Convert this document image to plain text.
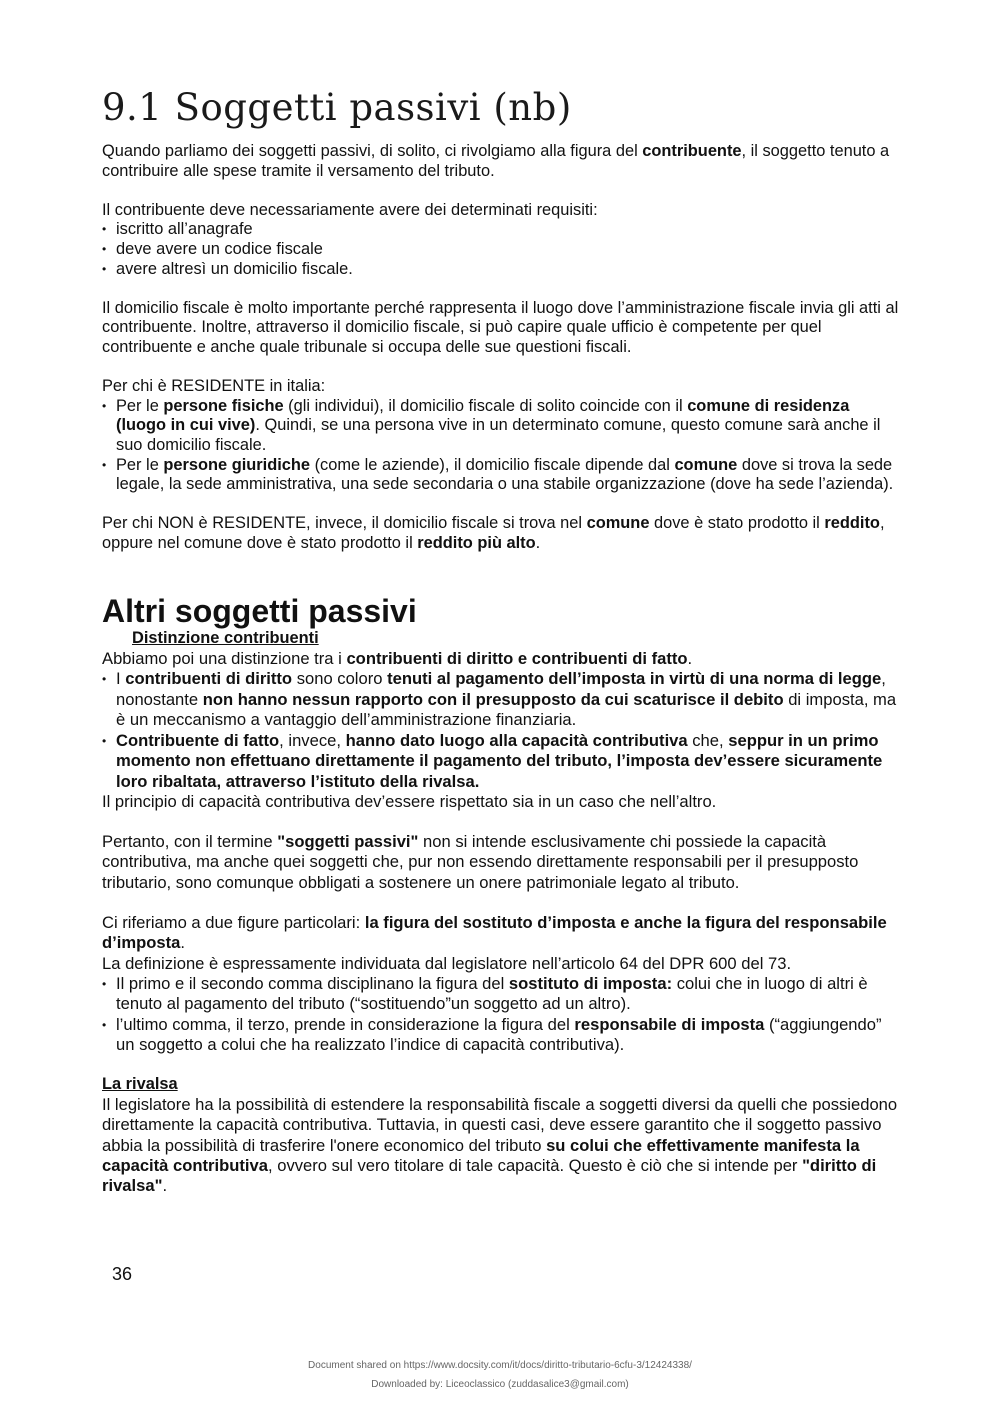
9.1 Soggetti passivi (nb)

Quando parliamo dei soggetti passivi, di solito, ci rivolgiamo alla figura del contribuente, il soggetto tenuto a contribuire alle spese tramite il versamento del tributo.

Il contribuente deve necessariamente avere dei determinati requisiti:

• iscritto all’anagrafe
• deve avere un codice fiscale
• avere altresì un domicilio fiscale.

Il domicilio fiscale è molto importante perché rappresenta il luogo dove l’amministrazione fiscale invia gli atti al contribuente. Inoltre, attraverso il domicilio fiscale, si può capire quale ufficio è competente per quel contribuente e anche quale tribunale si occupa delle sue questioni fiscali.

Per chi è RESIDENTE in italia:

• Per le persone fisiche (gli individui), il domicilio fiscale di solito coincide con il comune di residenza (luogo in cui vive). Quindi, se una persona vive in un determinato comune, questo comune sarà anche il suo domicilio fiscale.
• Per le persone giuridiche (come le aziende), il domicilio fiscale dipende dal comune dove si trova la sede legale, la sede amministrativa, una sede secondaria o una stabile organizzazione (dove ha sede l’azienda).

Per chi NON è RESIDENTE, invece, il domicilio fiscale si trova nel comune dove è stato prodotto il reddito, oppure nel comune dove è stato prodotto il reddito più alto.

Altri soggetti passivi
Distinzione contribuenti

Abbiamo poi una distinzione tra i contribuenti di diritto e contribuenti di fatto.

• I contribuenti di diritto sono coloro tenuti al pagamento dell’imposta in virtù di una norma di legge, nonostante non hanno nessun rapporto con il presupposto da cui scaturisce il debito di imposta, ma è un meccanismo a vantaggio dell’amministrazione finanziaria.
• Contribuente di fatto, invece, hanno dato luogo alla capacità contributiva che, seppur in un primo momento non effettuano direttamente il pagamento del tributo, l’imposta dev’essere sicuramente loro ribaltata, attraverso l’istituto della rivalsa.

Il principio di capacità contributiva dev’essere rispettato sia in un caso che nell’altro.

Pertanto, con il termine "soggetti passivi" non si intende esclusivamente chi possiede la capacità contributiva, ma anche quei soggetti che, pur non essendo direttamente responsabili per il presupposto tributario, sono comunque obbligati a sostenere un onere patrimoniale legato al tributo.

Ci riferiamo a due figure particolari: la figura del sostituto d’imposta e anche la figura del responsabile d’imposta.

La definizione è espressamente individuata dal legislatore nell’articolo 64 del DPR 600 del 73.

• Il primo e il secondo comma disciplinano la figura del sostituto di imposta: colui che in luogo di altri è tenuto al pagamento del tributo (“sostituendo”un soggetto ad un altro).
• l’ultimo comma, il terzo, prende in considerazione la figura del responsabile di imposta (“aggiungendo” un soggetto a colui che ha realizzato l’indice di capacità contributiva).
La rivalsa

Il legislatore ha la possibilità di estendere la responsabilità fiscale a soggetti diversi da quelli che possiedono direttamente la capacità contributiva. Tuttavia, in questi casi, deve essere garantito che il soggetto passivo abbia la possibilità di trasferire l'onere economico del tributo su colui che effettivamente manifesta la capacità contributiva, ovvero sul vero titolare di tale capacità. Questo è ciò che si intende per "diritto di rivalsa".

36
Document shared on https://www.docsity.com/it/docs/diritto-tributario-6cfu-3/12424338/
Downloaded by: Liceoclassico (zuddasalice3@gmail.com)
